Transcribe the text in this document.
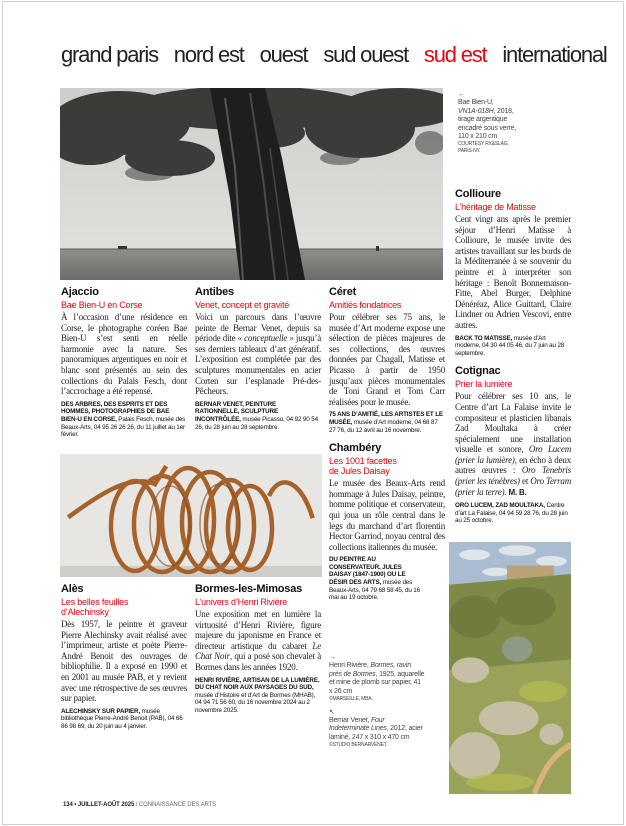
grand paris nord est ouest sud ouest sud est international
←
Bae Bien-U,
VN1A-018H, 2018,
tirage argentique
encadré sous verre,
110 x 210 cm
COURTESY RX&SLAG, PARIS-NY.
Ajaccio
Bae Bien-U en Corse
À l’occasion d’une résidence en Corse, le photographe coréen Bae Bien-U s’est senti en réelle harmonie avec la nature. Ses panoramiques argentiques en noir et blanc sont présentés au sein des collections du Palais Fesch, dont l’accrochage a été repensé.
DES ARBRES, DES ESPRITS ET DES HOMMES, PHOTOGRAPHIES DE BAE BIEN-U EN CORSE, Palais Fesch, musée des Beaux-Arts, 04 95 26 26 26, du 11 juillet au 1er février.
Antibes
Venet, concept et gravité
Voici un parcours dans l’œuvre peinte de Bernar Venet, depuis sa période dite « conceptuelle » jusqu’à ses derniers tableaux d’art génératif. L’exposition est complétée par des sculptures monumentales en acier Corten sur l’esplanade Pré-des-Pêcheurs.
BERNAR VENET, PEINTURE RATIONNELLE, SCULPTURE INCONTRÔLÉE, musée Picasso, 04 92 90 54 26, du 28 juin au 28 septembre.
Céret
Amitiés fondatrices
Pour célébrer ses 75 ans, le musée d’Art moderne expose une sélection de pièces majeures de ses collections, des œuvres données par Chagall, Matisse et Picasso à partir de 1950 jusqu’aux pièces monumentales de Toni Grand et Tom Carr réalisées pour le musée.
75 ANS D’AMITIÉ, LES ARTISTES ET LE MUSÉE, musée d’Art moderne, 04 68 87 27 76, du 12 avril au 16 novembre.
Chambéry
Les 1001 facettes
de Jules Daisay
Le musée des Beaux-Arts rend hommage à Jules Daisay, peintre, homme politique et conservateur, qui joua un rôle central dans le legs du marchand d’art florentin Hector Garriod, noyau central des collections italiennes du musée.
DU PEINTRE AU CONSERVATEUR, JULES DAISAY (1847-1900) OU LE DÉSIR DES ARTS, musée des Beaux-Arts, 04 79 68 58 45, du 16 mai au 19 octobre.
Collioure
L’héritage de Matisse
Cent vingt ans après le premier séjour d’Henri Matisse à Collioure, le musée invite des artistes travaillant sur les bords de la Méditerranée à se souvenir du peintre et à interpréter son héritage : Benoît Bonnemaison-Fitte, Abel Burger, Delphine Dénéréaz, Alice Guittard, Claire Lindner ou Adrien Vescovi, entre autres.
BACK TO MATISSE, musée d’Art moderne, 04 30 44 05 46, du 7 juin au 28 septembre.
Cotignac
Prier la lumière
Pour célébrer ses 10 ans, le Centre d’art La Falaise invite le compositeur et plasticien libanais Zad Moultaka à créer spécialement une installation visuelle et sonore, Oro Lucem (prier la lumière), en écho à deux autres œuvres : Oro Tenebris (prier les ténèbres) et Oro Terram (prier la terre). M. B.
ORO LUCEM, ZAD MOULTAKA, Centre d’art La Falaise, 04 94 59 28 76, du 28 juin au 25 octobre.
Alès
Les belles feuilles
d’Alechinsky
Dès 1957, le peintre et graveur Pierre Alechinsky avait réalisé avec l’imprimeur, artiste et poète Pierre-André Benoit des ouvrages de bibliophilie. Il a exposé en 1990 et en 2001 au musée PAB, et y revient avec une rétrospective de ses œuvres sur papier.
ALECHINSKY SUR PAPIER, musée bibliothèque Pierre-André Benoit (PAB), 04 66 86 98 69, du 20 juin au 4 janvier.
Bormes-les-Mimosas
L’univers d’Henri Rivière
Une exposition met en lumière la virtuosité d’Henri Rivière, figure majeure du japonisme en France et directeur artistique du cabaret Le Chat Noir, qui a posé son chevalet à Bormes dans les années 1920.
HENRI RIVIÈRE, ARTISAN DE LA LUMIÈRE. DU CHAT NOIR AUX PAYSAGES DU SUD, musée d’Histoire et d’Art de Bormes (MHAB), 04 94 71 56 60, du 16 novembre 2024 au 2 novembre 2025.
→
Henri Rivière, Bormes, ravin près de Bormes, 1925, aquarelle et mine de plomb sur papier, 41 x 26 cm
©MARSEILLE, MBA.
↖
Bernar Venet, Four Indeterminate Lines, 2012, acier laminé, 247 x 310 x 470 cm
©STUDIO BERNARVENET.
134 • JUILLET-AOÛT 2025 / CONNAISSANCE DES ARTS
